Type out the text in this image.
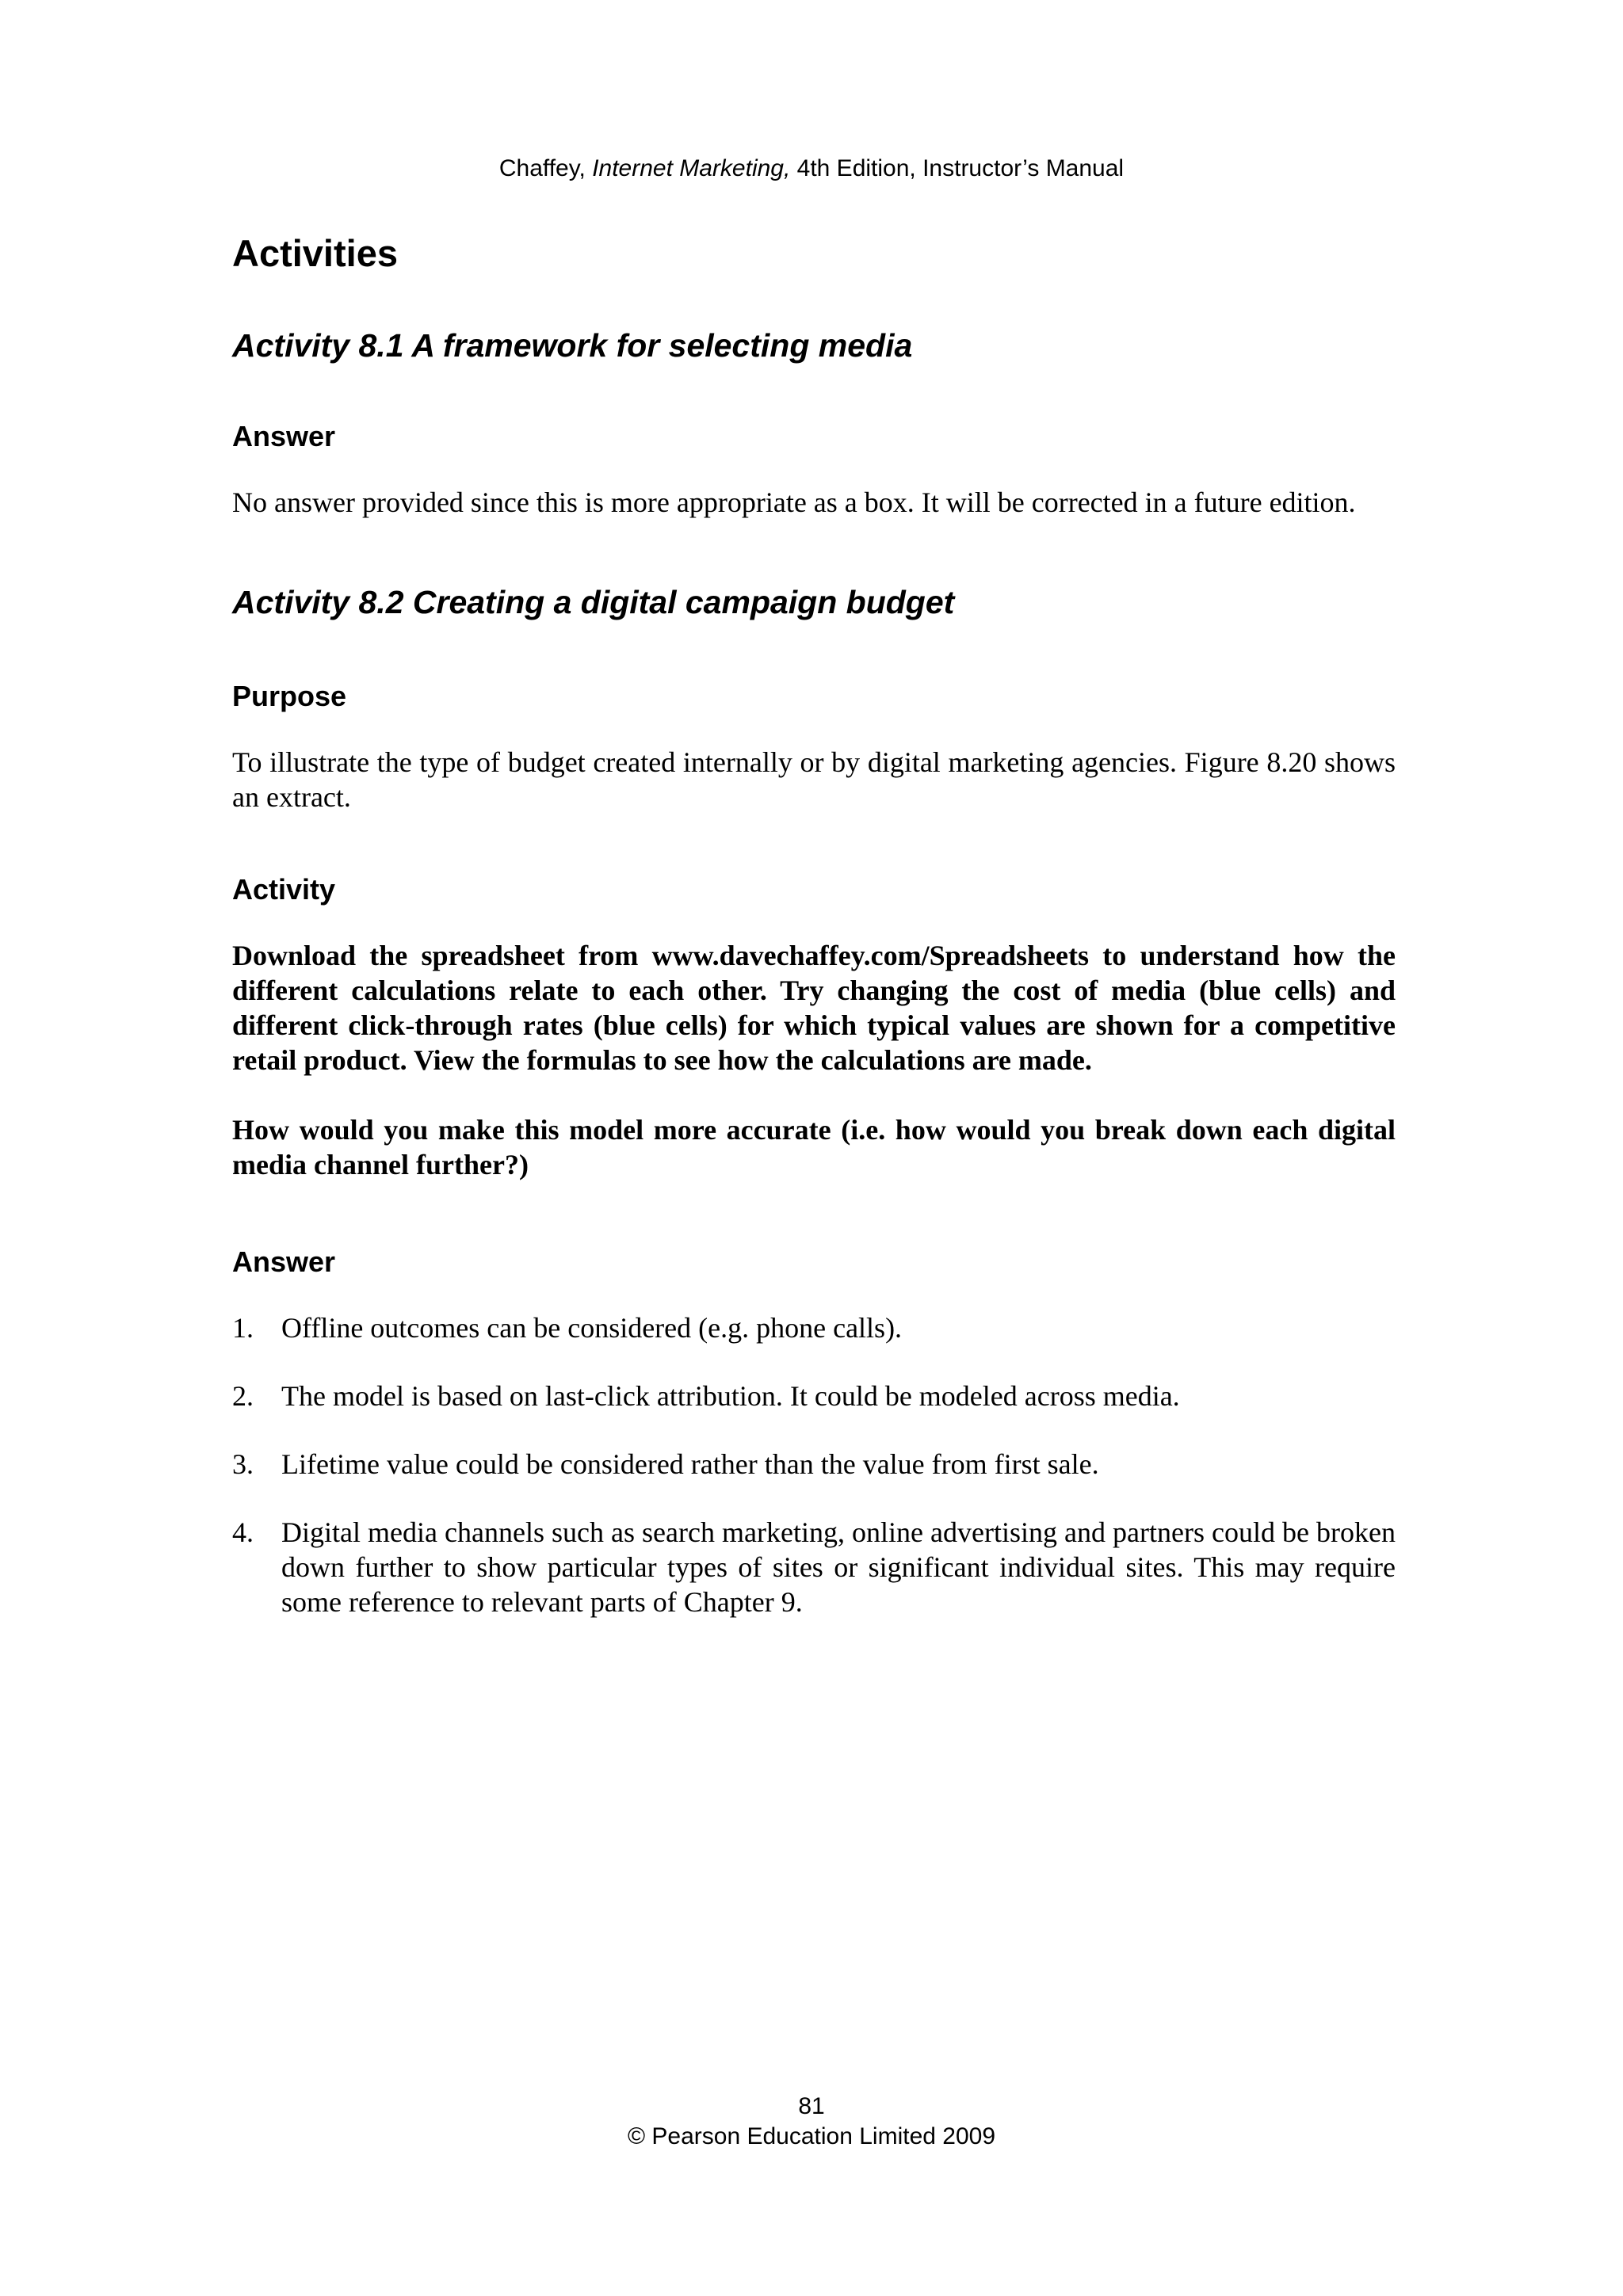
Chaffey, Internet Marketing, 4th Edition, Instructor’s Manual
Activities
Activity 8.1 A framework for selecting media
Answer

No answer provided since this is more appropriate as a box. It will be corrected in a future edition.

Activity 8.2 Creating a digital campaign budget
Purpose

To illustrate the type of budget created internally or by digital marketing agencies. Figure 8.20 shows an extract.

Activity

Download the spreadsheet from www.davechaffey.com/Spreadsheets to understand how the different calculations relate to each other. Try changing the cost of media (blue cells) and different click-through rates (blue cells) for which typical values are shown for a competitive retail product. View the formulas to see how the calculations are made.

How would you make this model more accurate (i.e. how would you break down each digital media channel further?)

Answer
1. Offline outcomes can be considered (e.g. phone calls).
2. The model is based on last-click attribution. It could be modeled across media.
3. Lifetime value could be considered rather than the value from first sale.
4. Digital media channels such as search marketing, online advertising and partners could be broken down further to show particular types of sites or significant individual sites. This may require some reference to relevant parts of Chapter 9.
81
© Pearson Education Limited 2009
